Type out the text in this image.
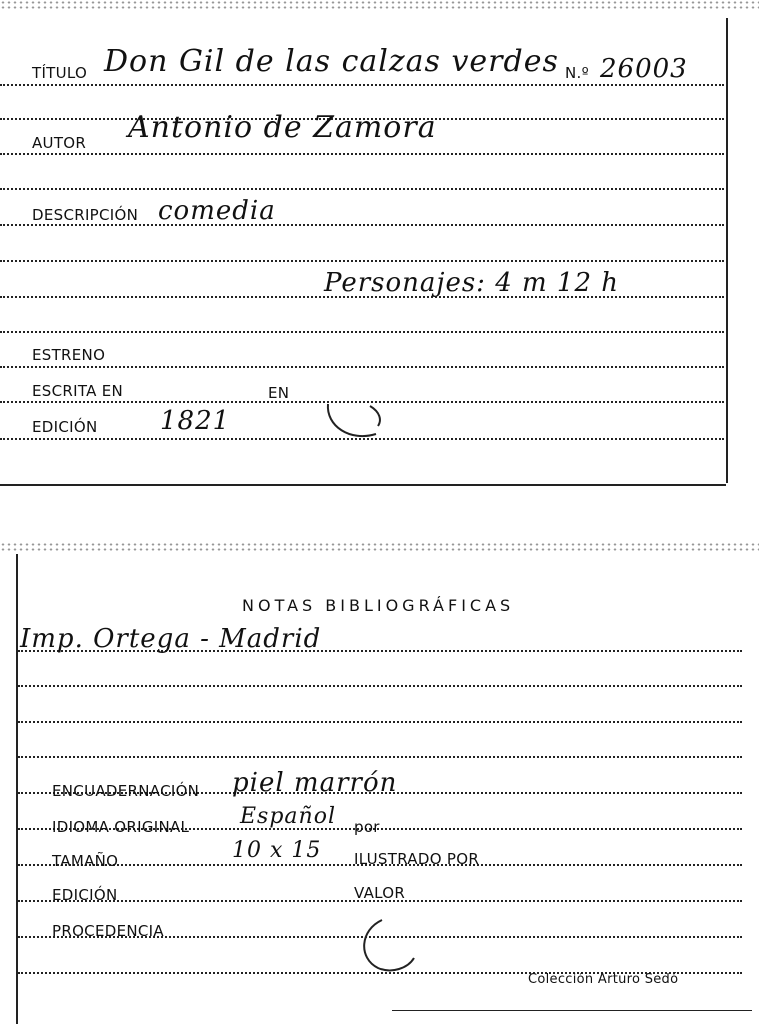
TÍTULO Don Gil de las calzas verdes N.º 26003
AUTOR Antonio de Zamora
DESCRIPCIÓN comedia
Personajes: 4 m 12 h
ESTRENO
ESCRITA EN	EN
EDICIÓN 1821
NOTAS BIBLIOGRÁFICAS
Imp. Ortega - Madrid
ENCUADERNACIÓN piel marrón
IDIOMA ORIGINAL Español por
TAMAÑO	10 x 15 ILUSTRADO POR
EDICIÓN	VALOR
PROCEDENCIA
Colección Arturo Sedó
